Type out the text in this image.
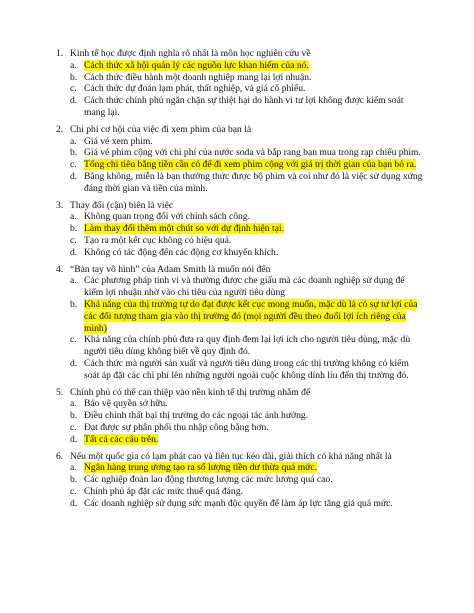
1. Kinh tế học được định nghĩa rõ nhất là môn học nghiên cứu về
a. Cách thức xã hội quản lý các nguồn lực khan hiếm của nó.
b. Cách thức điều hành một doanh nghiệp mang lại lợi nhuận.
c. Cách thức dự đoán lạm phát, thất nghiệp, và giá cổ phiếu.
d. Cách thức chính phủ ngăn chặn sự thiệt hại do hành vi tư lợi không được kiểm soát mang lại.
2. Chi phí cơ hội của việc đi xem phim của bạn là
a. Giá vé xem phim.
b. Giá vé phim cộng với chi phí của nước soda và bắp rang bạn mua trong rạp chiếu phim.
c. Tổng chi tiêu bằng tiền cần có để đi xem phim cộng với giá trị thời gian của bạn bỏ ra.
d. Bằng không, miễn là bạn thưởng thức được bộ phim và coi như đó là việc sử dụng xứng đáng thời gian và tiền của mình.
3. Thay đổi (cận) biên là việc
a. Không quan trọng đối với chính sách công.
b. Làm thay đổi thêm một chút so với dự định hiện tại.
c. Tạo ra một kết cục không có hiệu quả.
d. Không có tác động đến các động cơ khuyến khích.
4. “Bàn tay vô hình” của Adam Smith là muốn nói đến
a. Các phương pháp tinh vi và thường được che giấu mà các doanh nghiệp sử dụng để kiếm lợi nhuận nhờ vào chi tiêu của người tiêu dùng
b. Khả năng của thị trường tự do đạt được kết cục mong muốn, mặc dù là có sự tư lợi của các đối tượng tham gia vào thị trường đó (mọi người đều theo đuổi lợi ích riêng của mình)
c. Khả năng của chính phủ đưa ra quy định đem lại lợi ích cho người tiêu dùng, mặc dù người tiêu dùng không biết về quy định đó.
d. Cách thức mà người sản xuất và người tiêu dùng trong các thị trường không có kiểm soát áp đặt các chi phí lên những người ngoài cuộc không dính líu đến thị trường đó.
5. Chính phủ có thể can thiệp vào nền kinh tế thị trường nhằm để
a. Bảo vệ quyền sở hữu.
b. Điều chỉnh thất bại thị trường do các ngoại tác ảnh hưởng.
c. Đạt được sự phân phối thu nhập công bằng hơn.
d. Tất cả các câu trên.
6. Nếu một quốc gia có lạm phát cao và liên tục kéo dài, giải thích có khả năng nhất là
a. Ngân hàng trung ương tạo ra số lượng tiền dư thừa quá mức.
b. Các nghiệp đoàn lao động thương lượng các mức lương quá cao.
c. Chính phủ áp đặt các mức thuế quá đáng.
d. Các doanh nghiệp sử dụng sức mạnh độc quyền để làm áp lực tăng giá quá mức.
